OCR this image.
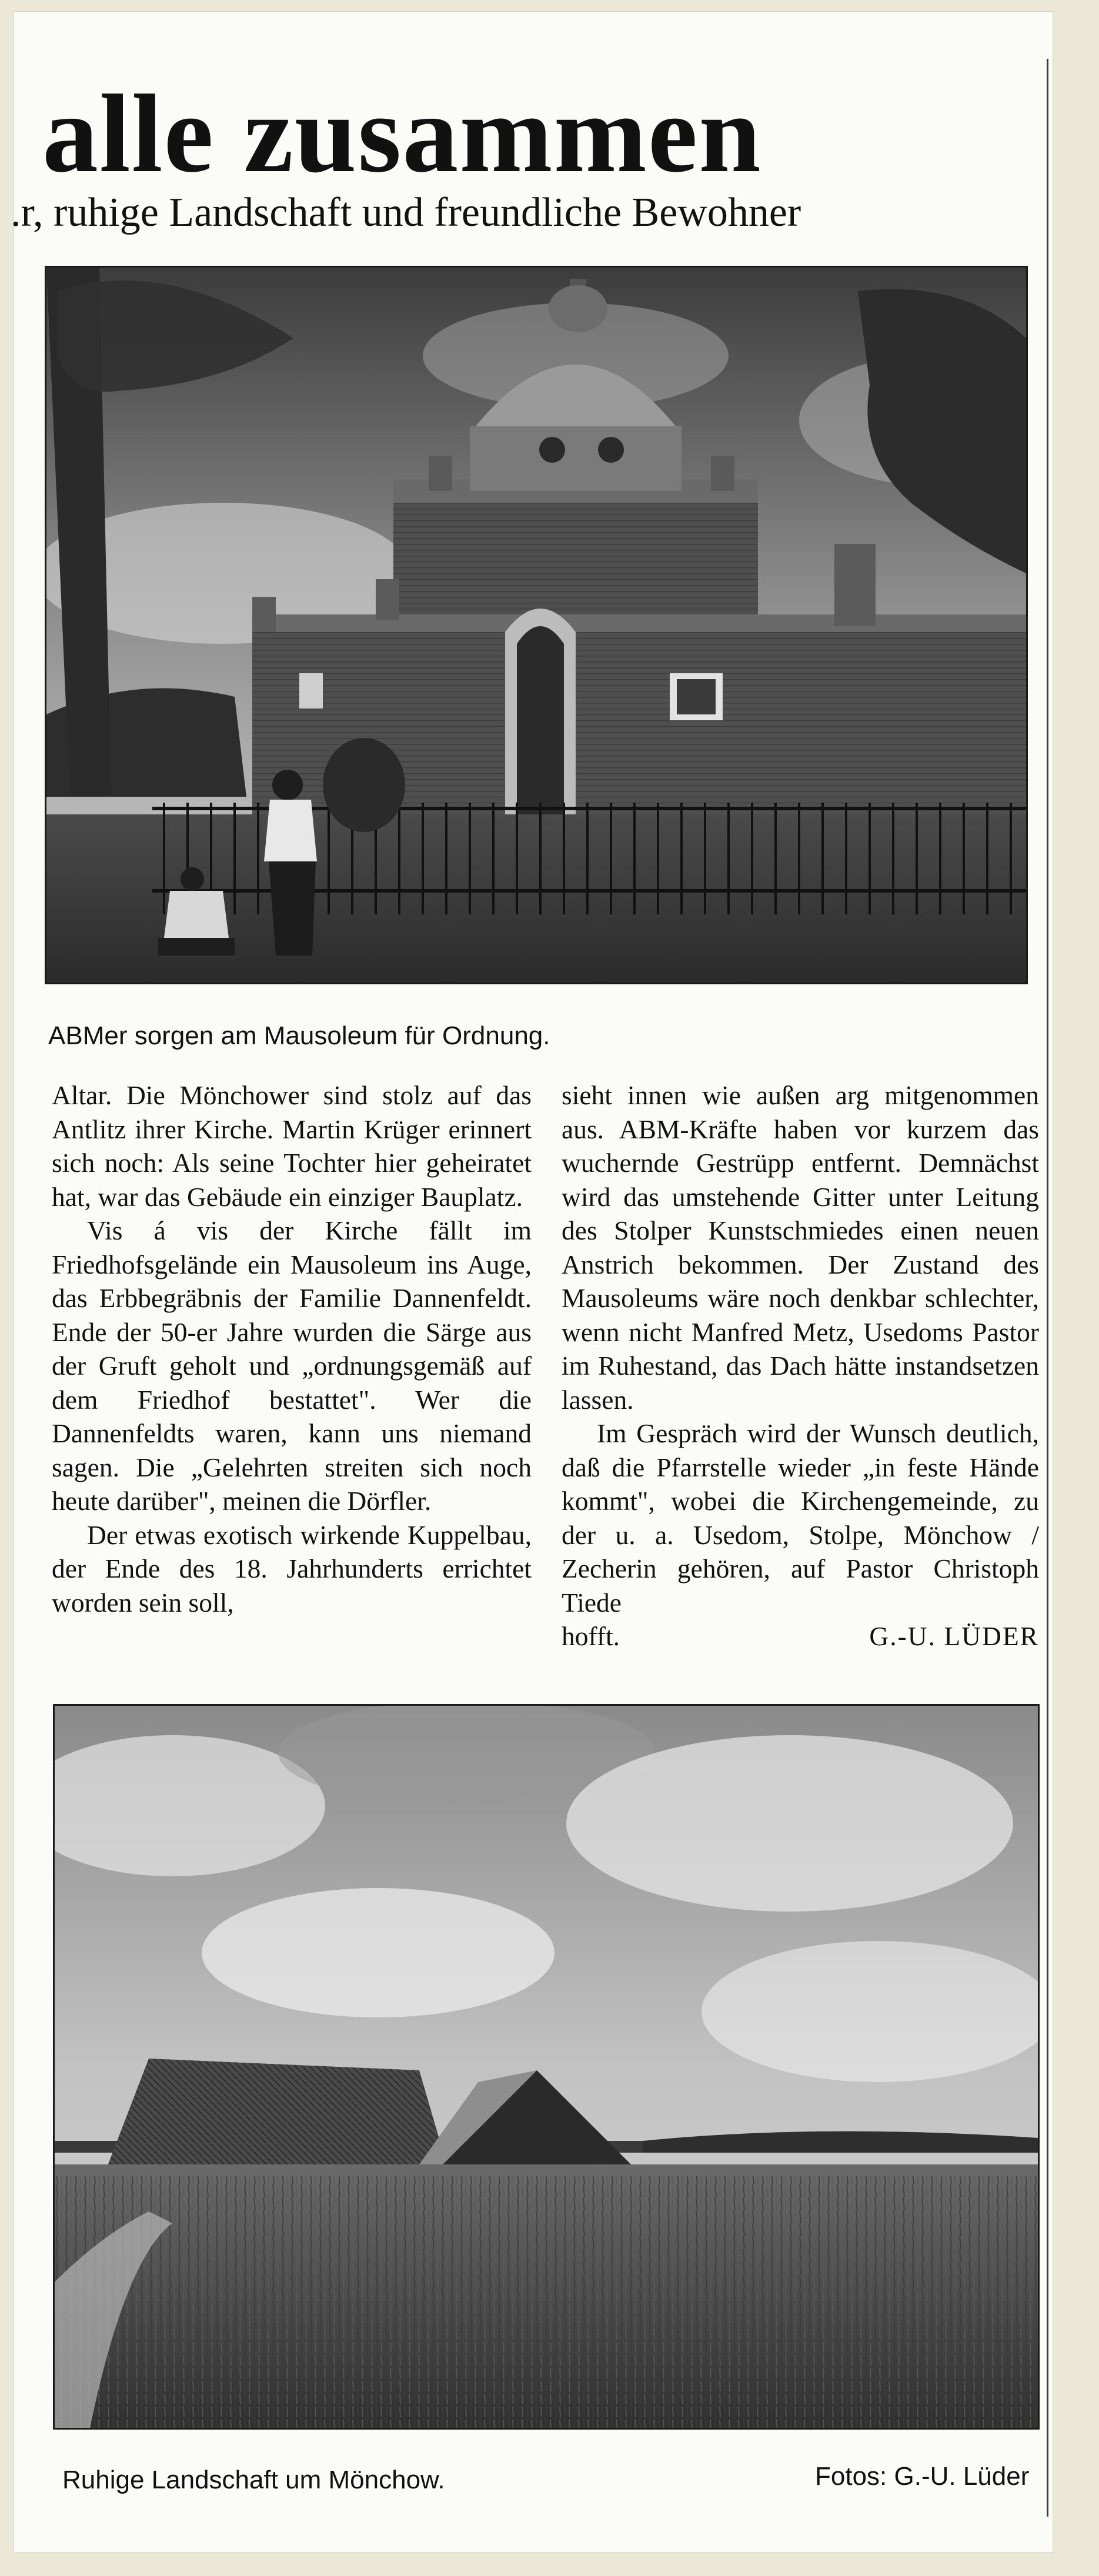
alle zusammen
.r, ruhige Landschaft und freundliche Bewohner
ABMer sorgen am Mausoleum für Ordnung.

Altar. Die Mönchower sind stolz auf das Antlitz ihrer Kirche. Martin Krüger erinnert sich noch: Als seine Tochter hier geheiratet hat, war das Gebäude ein einziger Bauplatz.

Vis á vis der Kirche fällt im Friedhofsgelände ein Mausoleum ins Auge, das Erbbegräbnis der Familie Dannenfeldt. Ende der 50-er Jahre wurden die Särge aus der Gruft geholt und „ordnungsgemäß auf dem Friedhof bestattet". Wer die Dannenfeldts waren, kann uns niemand sagen. Die „Gelehrten streiten sich noch heute darüber", meinen die Dörfler.

Der etwas exotisch wirkende Kuppelbau, der Ende des 18. Jahrhunderts errichtet worden sein soll,

sieht innen wie außen arg mitgenommen aus. ABM-Kräfte haben vor kurzem das wuchernde Gestrüpp entfernt. Demnächst wird das umstehende Gitter unter Leitung des Stolper Kunstschmiedes einen neuen Anstrich bekommen. Der Zustand des Mausoleums wäre noch denkbar schlechter, wenn nicht Manfred Metz, Usedoms Pastor im Ruhestand, das Dach hätte instandsetzen lassen.

Im Gespräch wird der Wunsch deutlich, daß die Pfarrstelle wieder „in feste Hände kommt", wobei die Kirchengemeinde, zu der u. a. Usedom, Stolpe, Mönchow / Zecherin gehören, auf Pastor Christoph Tiede

hofft.	G.-U. LÜDER
Ruhige Landschaft um Mönchow.	Fotos: G.-U. Lüder
